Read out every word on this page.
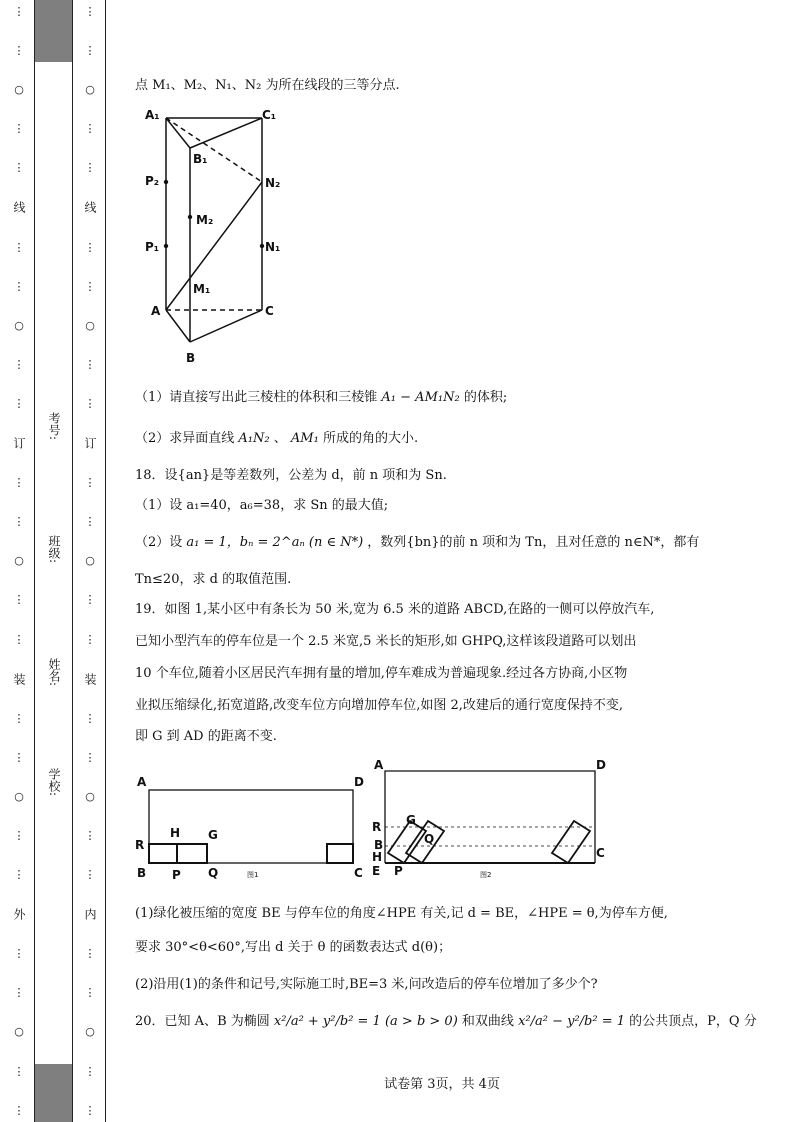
⋮
⋮
○
⋮
⋮
线
⋮
⋮
○
⋮
⋮
订
⋮
⋮
○
⋮
⋮
装
⋮
⋮
○
⋮
⋮
外
⋮
⋮
○
⋮
⋮
考号:
班级:
姓名:
学校:
⋮
⋮
○
⋮
⋮
线
⋮
⋮
○
⋮
⋮
订
⋮
⋮
○
⋮
⋮
装
⋮
⋮
○
⋮
⋮
内
⋮
⋮
○
⋮
⋮
点 M₁、M₂、N₁、N₂ 为所在线段的三等分点.
A₁	C₁
B₁
P₂	N₂
M₂
P₁	N₁
M₁
A	C
B
（1）请直接写出此三棱柱的体积和三棱锥 A₁ − AM₁N₂ 的体积;
（2）求异面直线 A₁N₂ 、 AM₁ 所成的角的大小.
18．设{an}是等差数列，公差为 d，前 n 项和为 Sn.
（1）设 a₁=40，a₆=38，求 Sn 的最大值;
（2）设 a₁ = 1，bₙ = 2^aₙ (n ∈ N*) ，数列{bn}的前 n 项和为 Tn，且对任意的 n∈N*，都有
Tn≤20，求 d 的取值范围.
19．如图 1,某小区中有条长为 50 米,宽为 6.5 米的道路 ABCD,在路的一侧可以停放汽车,
已知小型汽车的停车位是一个 2.5 米宽,5 米长的矩形,如 GHPQ,这样该段道路可以划出
10 个车位,随着小区居民汽车拥有量的增加,停车难成为普遍现象.经过各方协商,小区物
业拟压缩绿化,拓宽道路,改变车位方向增加停车位,如图 2,改建后的通行宽度保持不变,
即 G 到 AD 的距离不变.
A	D
R
H G
B P Q	C
图1
A	D
R G
Q
B
H
E P
C
图2
(1)绿化被压缩的宽度 BE 与停车位的角度∠HPE 有关,记 d = BE，∠HPE = θ,为停车方便,
要求 30°<θ<60°,写出 d 关于 θ 的函数表达式 d(θ)；
(2)沿用(1)的条件和记号,实际施工时,BE=3 米,问改造后的停车位增加了多少个?
20．已知 A、B 为椭圆 x²/a² + y²/b² = 1 (a > b > 0) 和双曲线 x²/a² − y²/b² = 1 的公共顶点，P，Q 分
试卷第 3页，共 4页
